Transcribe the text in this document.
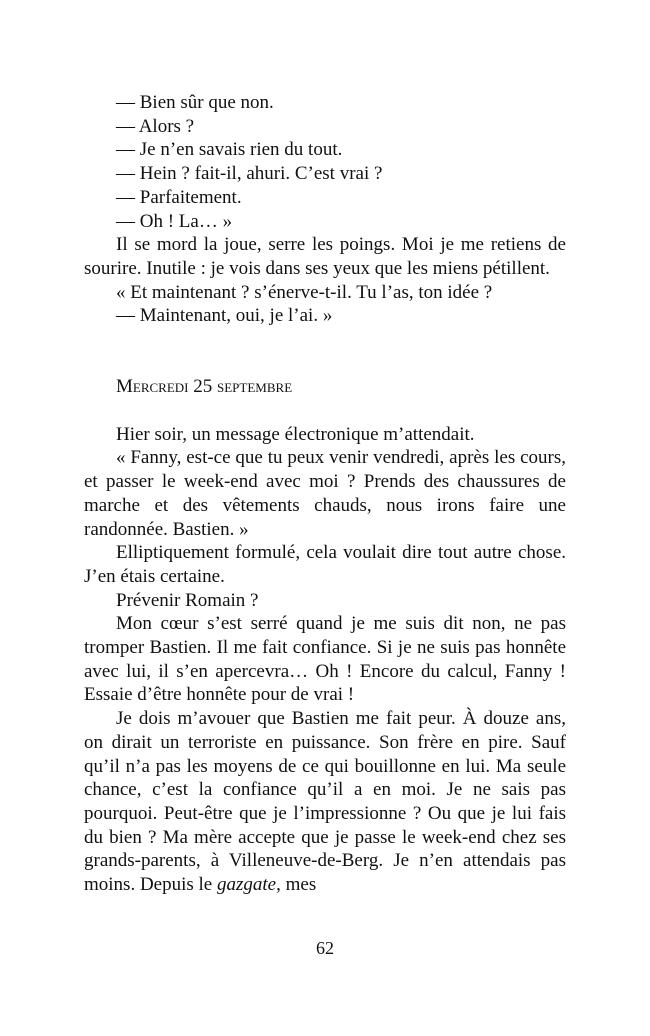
— Bien sûr que non.

— Alors ?

— Je n’en savais rien du tout.

— Hein ? fait-il, ahuri. C’est vrai ?

— Parfaitement.

— Oh ! La… »

Il se mord la joue, serre les poings. Moi je me retiens de sourire. Inutile : je vois dans ses yeux que les miens pétillent.

« Et maintenant ? s’énerve-t-il. Tu l’as, ton idée ?

— Maintenant, oui, je l’ai. »

Mercredi 25 septembre

Hier soir, un message électronique m’attendait.

« Fanny, est-ce que tu peux venir vendredi, après les cours, et passer le week-end avec moi ? Prends des chaussures de marche et des vêtements chauds, nous irons faire une randonnée. Bastien. »

Elliptiquement formulé, cela voulait dire tout autre chose. J’en étais certaine.

Prévenir Romain ?

Mon cœur s’est serré quand je me suis dit non, ne pas tromper Bastien. Il me fait confiance. Si je ne suis pas honnête avec lui, il s’en apercevra… Oh ! Encore du calcul, Fanny ! Essaie d’être honnête pour de vrai !

Je dois m’avouer que Bastien me fait peur. À douze ans, on dirait un terroriste en puissance. Son frère en pire. Sauf qu’il n’a pas les moyens de ce qui bouillonne en lui. Ma seule chance, c’est la confiance qu’il a en moi. Je ne sais pas pourquoi. Peut-être que je l’impressionne ? Ou que je lui fais du bien ? Ma mère accepte que je passe le week-end chez ses grands-parents, à Villeneuve-de-Berg. Je n’en attendais pas moins. Depuis le gazgate, mes

62
